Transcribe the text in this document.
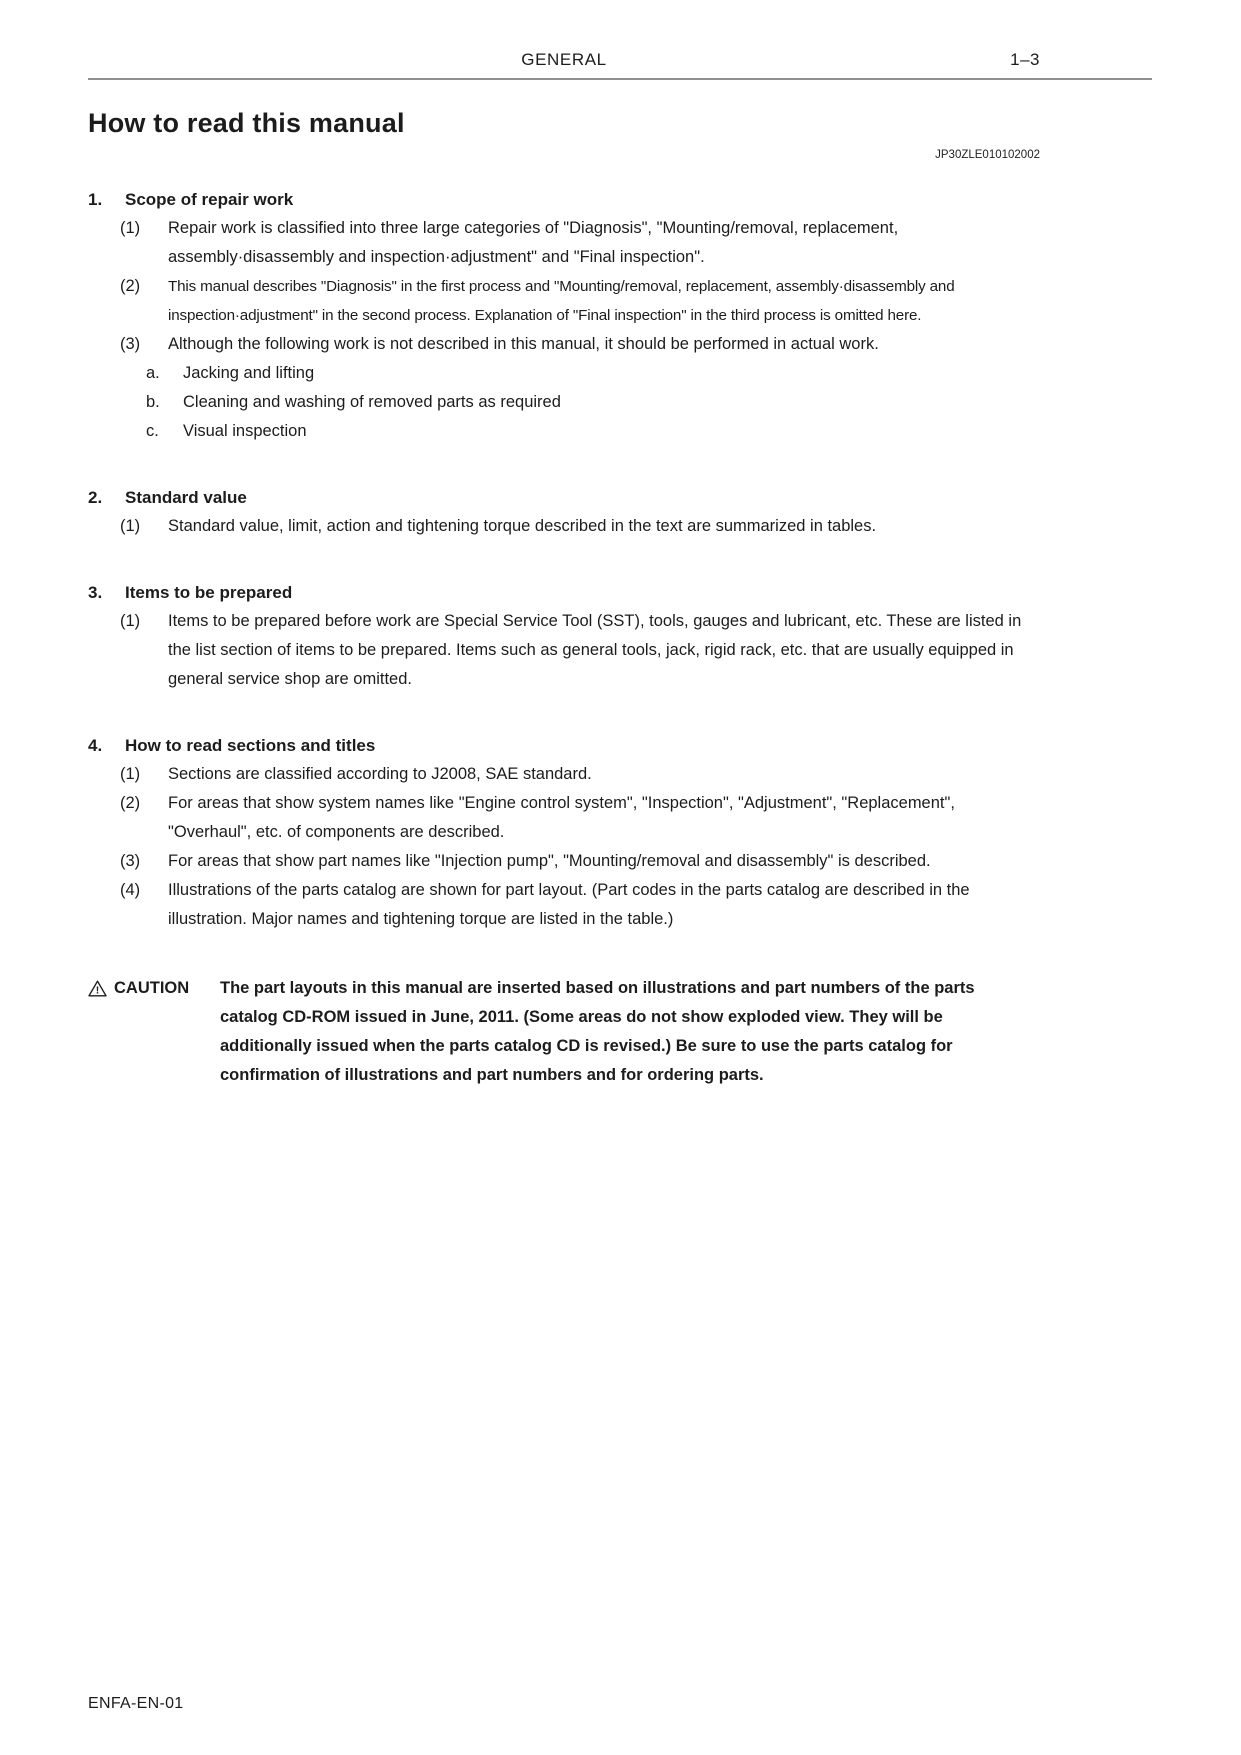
GENERAL	1–3
How to read this manual
JP30ZLE010102002
1.	Scope of repair work
(1)	Repair work is classified into three large categories of "Diagnosis", "Mounting/removal, replacement, assembly·disassembly and inspection·adjustment" and "Final inspection".
(2)	This manual describes "Diagnosis" in the first process and "Mounting/removal, replacement, assembly·disassembly and inspection·adjustment" in the second process. Explanation of "Final inspection" in the third process is omitted here.
(3)	Although the following work is not described in this manual, it should be performed in actual work.
a.	Jacking and lifting
b.	Cleaning and washing of removed parts as required
c.	Visual inspection
2.	Standard value
(1)	Standard value, limit, action and tightening torque described in the text are summarized in tables.
3.	Items to be prepared
(1)	Items to be prepared before work are Special Service Tool (SST), tools, gauges and lubricant, etc. These are listed in the list section of items to be prepared. Items such as general tools, jack, rigid rack, etc. that are usually equipped in general service shop are omitted.
4.	How to read sections and titles
(1)	Sections are classified according to J2008, SAE standard.
(2)	For areas that show system names like "Engine control system", "Inspection", "Adjustment", "Replacement", "Overhaul", etc. of components are described.
(3)	For areas that show part names like "Injection pump", "Mounting/removal and disassembly" is described.
(4)	Illustrations of the parts catalog are shown for part layout. (Part codes in the parts catalog are described in the illustration. Major names and tightening torque are listed in the table.)
! CAUTION The part layouts in this manual are inserted based on illustrations and part numbers of the parts catalog CD-ROM issued in June, 2011. (Some areas do not show exploded view. They will be additionally issued when the parts catalog CD is revised.) Be sure to use the parts catalog for confirmation of illustrations and part numbers and for ordering parts.
ENFA-EN-01
